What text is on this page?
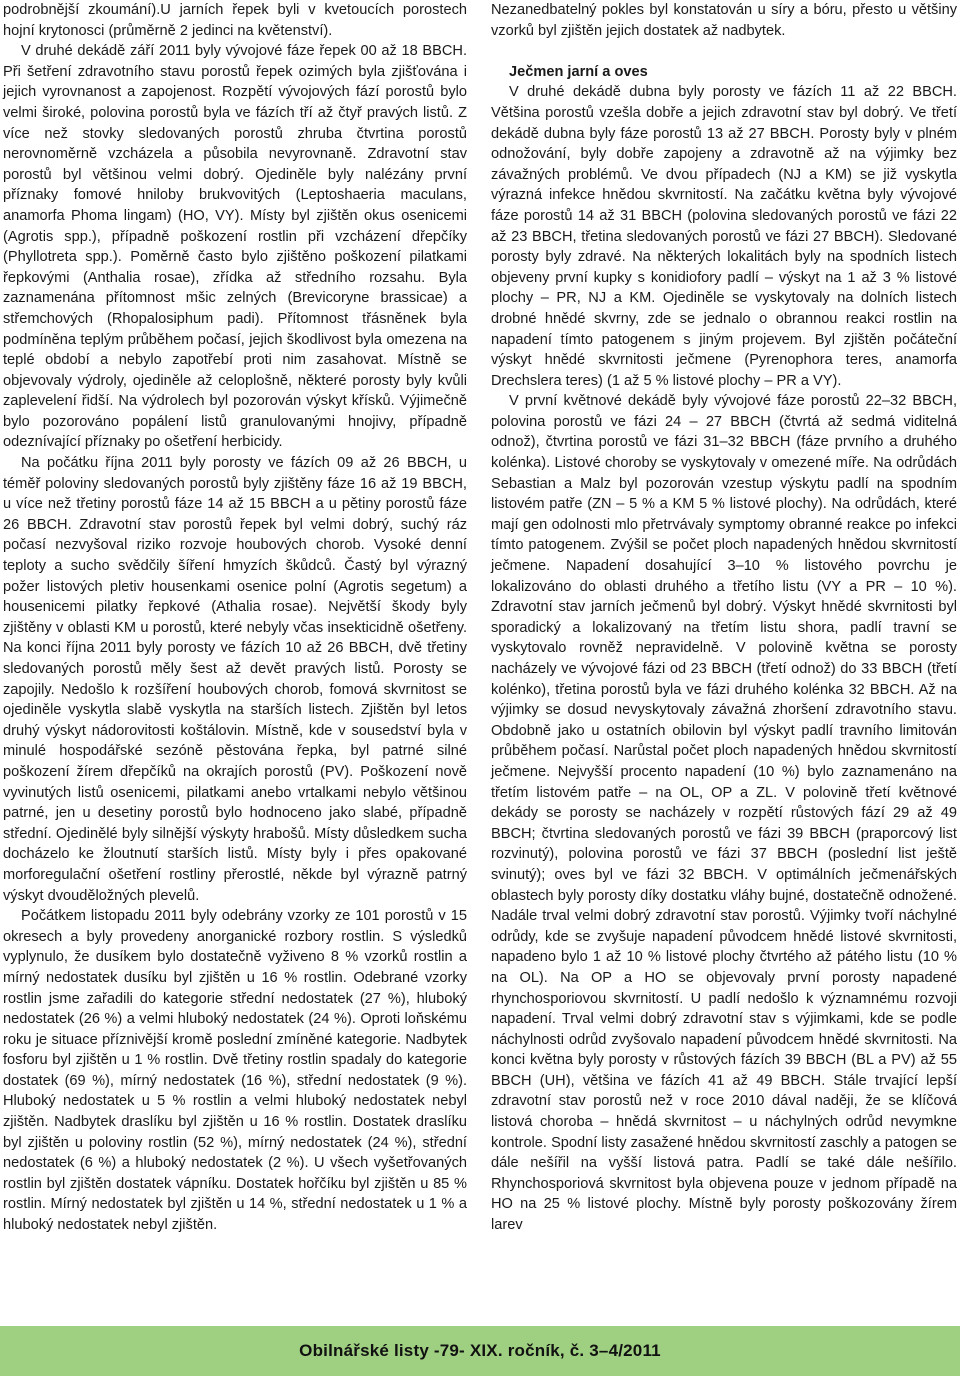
podrobnější zkoumání).U jarních řepek byli v kvetoucích porostech hojní krytonosci (průměrně 2 jedinci na květenství).

V druhé dekádě září 2011 byly vývojové fáze řepek 00 až 18 BBCH. Při šetření zdravotního stavu porostů řepek ozimých byla zjišťována i jejich vyrovnanost a zapojenost. Rozpětí vývojových fází porostů bylo velmi široké, polovina porostů byla ve fázích tří až čtyř pravých listů. Z více než stovky sledovaných porostů zhruba čtvrtina porostů nerovnoměrně vzcházela a působila nevyrovnaně. Zdravotní stav porostů byl většinou velmi dobrý. Ojediněle byly nalézány první příznaky fomové hniloby brukvovitých (Leptoshaeria maculans, anamorfa Phoma lingam) (HO, VY). Místy byl zjištěn okus osenicemi (Agrotis spp.), případně poškození rostlin při vzcházení dřepčíky (Phyllotreta spp.). Poměrně často bylo zjištěno poškození pilatkami řepkovými (Anthalia rosae), zřídka až středního rozsahu. Byla zaznamenána přítomnost mšic zelných (Brevicoryne brassicae) a střemchových (Rhopalosiphum padi). Přítomnost třásněnek byla podmíněna teplým průběhem počasí, jejich škodlivost byla omezena na teplé období a nebylo zapotřebí proti nim zasahovat. Místně se objevovaly výdroly, ojediněle až celoplošně, některé porosty byly kvůli zaplevelení řidší. Na výdrolech byl pozorován výskyt křísků. Výjimečně bylo pozorováno popálení listů granulovanými hnojivy, případně odeznívající příznaky po ošetření herbicidy.

Na počátku října 2011 byly porosty ve fázích 09 až 26 BBCH, u téměř poloviny sledovaných porostů byly zjištěny fáze 16 až 19 BBCH, u více než třetiny porostů fáze 14 až 15 BBCH a u pětiny porostů fáze 26 BBCH. Zdravotní stav porostů řepek byl velmi dobrý, suchý ráz počasí nezvyšoval riziko rozvoje houbových chorob. Vysoké denní teploty a sucho svědčily šíření hmyzích škůdců. Častý byl výrazný požer listových pletiv housenkami osenice polní (Agrotis segetum) a housenicemi pilatky řepkové (Athalia rosae). Největší škody byly zjištěny v oblasti KM u porostů, které nebyly včas insekticidně ošetřeny. Na konci října 2011 byly porosty ve fázích 10 až 26 BBCH, dvě třetiny sledovaných porostů měly šest až devět pravých listů. Porosty se zapojily. Nedošlo k rozšíření houbových chorob, fomová skvrnitost se ojediněle vyskytla slabě vyskytla na starších listech. Zjištěn byl letos druhý výskyt nádorovitosti koštálovin. Místně, kde v sousedství byla v minulé hospodářské sezóně pěstována řepka, byl patrné silné poškození žírem dřepčíků na okrajích porostů (PV). Poškození nově vyvinutých listů osenicemi, pilatkami anebo vrtalkami nebylo většinou patrné, jen u desetiny porostů bylo hodnoceno jako slabé, případně střední. Ojedinělé byly silnější výskyty hrabošů. Místy důsledkem sucha docházelo ke žloutnutí starších listů. Místy byly i přes opakované morforegulační ošetření rostliny přerostlé, někde byl výrazně patrný výskyt dvouděložných plevelů.

Počátkem listopadu 2011 byly odebrány vzorky ze 101 porostů v 15 okresech a byly provedeny anorganické rozbory rostlin. S výsledků vyplynulo, že dusíkem bylo dostatečně vyživeno 8 % vzorků rostlin a mírný nedostatek dusíku byl zjištěn u 16 % rostlin. Odebrané vzorky rostlin jsme zařadili do kategorie střední nedostatek (27 %), hluboký nedostatek (26 %) a velmi hluboký nedostatek (24 %). Oproti loňskému roku je situace příznivější kromě poslední zmíněné kategorie. Nadbytek fosforu byl zjištěn u 1 % rostlin. Dvě třetiny rostlin spadaly do kategorie dostatek (69 %), mírný nedostatek (16 %), střední nedostatek (9 %). Hluboký nedostatek u 5 % rostlin a velmi hluboký nedostatek nebyl zjištěn. Nadbytek draslíku byl zjištěn u 16 % rostlin. Dostatek draslíku byl zjištěn u poloviny rostlin (52 %), mírný nedostatek (24 %), střední nedostatek (6 %) a hluboký nedostatek (2 %). U všech vyšetřovaných rostlin byl zjištěn dostatek vápníku. Dostatek hořčíku byl zjištěn u 85 % rostlin. Mírný nedostatek byl zjištěn u 14 %, střední nedostatek u 1 % a hluboký nedostatek nebyl zjištěn.

Nezanedbatelný pokles byl konstatován u síry a bóru, přesto u většiny vzorků byl zjištěn jejich dostatek až nadbytek.

Ječmen jarní a oves

V druhé dekádě dubna byly porosty ve fázích 11 až 22 BBCH. Většina porostů vzešla dobře a jejich zdravotní stav byl dobrý. Ve třetí dekádě dubna byly fáze porostů 13 až 27 BBCH. Porosty byly v plném odnožování, byly dobře zapojeny a zdravotně až na výjimky bez závažných problémů. Ve dvou případech (NJ a KM) se již vyskytla výrazná infekce hnědou skvrnitostí. Na začátku května byly vývojové fáze porostů 14 až 31 BBCH (polovina sledovaných porostů ve fázi 22 až 23 BBCH, třetina sledovaných porostů ve fázi 27 BBCH). Sledované porosty byly zdravé. Na některých lokalitách byly na spodních listech objeveny první kupky s konidiofory padlí – výskyt na 1 až 3 % listové plochy – PR, NJ a KM. Ojediněle se vyskytovaly na dolních listech drobné hnědé skvrny, zde se jednalo o obrannou reakci rostlin na napadení tímto patogenem s jiným projevem. Byl zjištěn počáteční výskyt hnědé skvrnitosti ječmene (Pyrenophora teres, anamorfa Drechslera teres) (1 až 5 % listové plochy – PR a VY).

V první květnové dekádě byly vývojové fáze porostů 22–32 BBCH, polovina porostů ve fázi 24 – 27 BBCH (čtvrtá až sedmá viditelná odnož), čtvrtina porostů ve fázi 31–32 BBCH (fáze prvního a druhého kolénka). Listové choroby se vyskytovaly v omezené míře. Na odrůdách Sebastian a Malz byl pozorován vzestup výskytu padlí na spodním listovém patře (ZN – 5 % a KM 5 % listové plochy). Na odrůdách, které mají gen odolnosti mlo přetrvávaly symptomy obranné reakce po infekci tímto patogenem. Zvýšil se počet ploch napadených hnědou skvrnitostí ječmene. Napadení dosahující 3–10 % listového povrchu je lokalizováno do oblasti druhého a třetího listu (VY a PR – 10 %). Zdravotní stav jarních ječmenů byl dobrý. Výskyt hnědé skvrnitosti byl sporadický a lokalizovaný na třetím listu shora, padlí travní se vyskytovalo rovněž nepravidelně. V polovině května se porosty nacházely ve vývojové fázi od 23 BBCH (třetí odnož) do 33 BBCH (třetí kolénko), třetina porostů byla ve fázi druhého kolénka 32 BBCH. Až na výjimky se dosud nevyskytovaly závažná zhoršení zdravotního stavu. Obdobně jako u ostatních obilovin byl výskyt padlí travního limitován průběhem počasí. Narůstal počet ploch napadených hnědou skvrnitostí ječmene. Nejvyšší procento napadení (10 %) bylo zaznamenáno na třetím listovém patře – na OL, OP a ZL. V polovině třetí květnové dekády se porosty se nacházely v rozpětí růstových fází 29 až 49 BBCH; čtvrtina sledovaných porostů ve fázi 39 BBCH (praporcový list rozvinutý), polovina porostů ve fázi 37 BBCH (poslední list ještě svinutý); oves byl ve fázi 32 BBCH. V optimálních ječmenářských oblastech byly porosty díky dostatku vláhy bujné, dostatečně odnožené. Nadále trval velmi dobrý zdravotní stav porostů. Výjimky tvoří náchylné odrůdy, kde se zvyšuje napadení původcem hnědé listové skvrnitosti, napadeno bylo 1 až 10 % listové plochy čtvrtého až pátého listu (10 % na OL). Na OP a HO se objevovaly první porosty napadené rhynchosporiovou skvrnitostí. U padlí nedošlo k významnému rozvoji napadení. Trval velmi dobrý zdravotní stav s výjimkami, kde se podle náchylnosti odrůd zvyšovalo napadení původcem hnědé skvrnitosti. Na konci května byly porosty v růstových fázích 39 BBCH (BL a PV) až 55 BBCH (UH), většina ve fázích 41 až 49 BBCH. Stále trvající lepší zdravotní stav porostů než v roce 2010 dával naději, že se klíčová listová choroba – hnědá skvrnitost – u náchylných odrůd nevymkne kontrole. Spodní listy zasažené hnědou skvrnitostí zaschly a patogen se dále nešířil na vyšší listová patra. Padlí se také dále nešířilo. Rhynchosporiová skvrnitost byla objevena pouze v jednom případě na HO na 25 % listové plochy. Místně byly porosty poškozovány žírem larev

Obilnářské listy -79- XIX. ročník, č. 3–4/2011
